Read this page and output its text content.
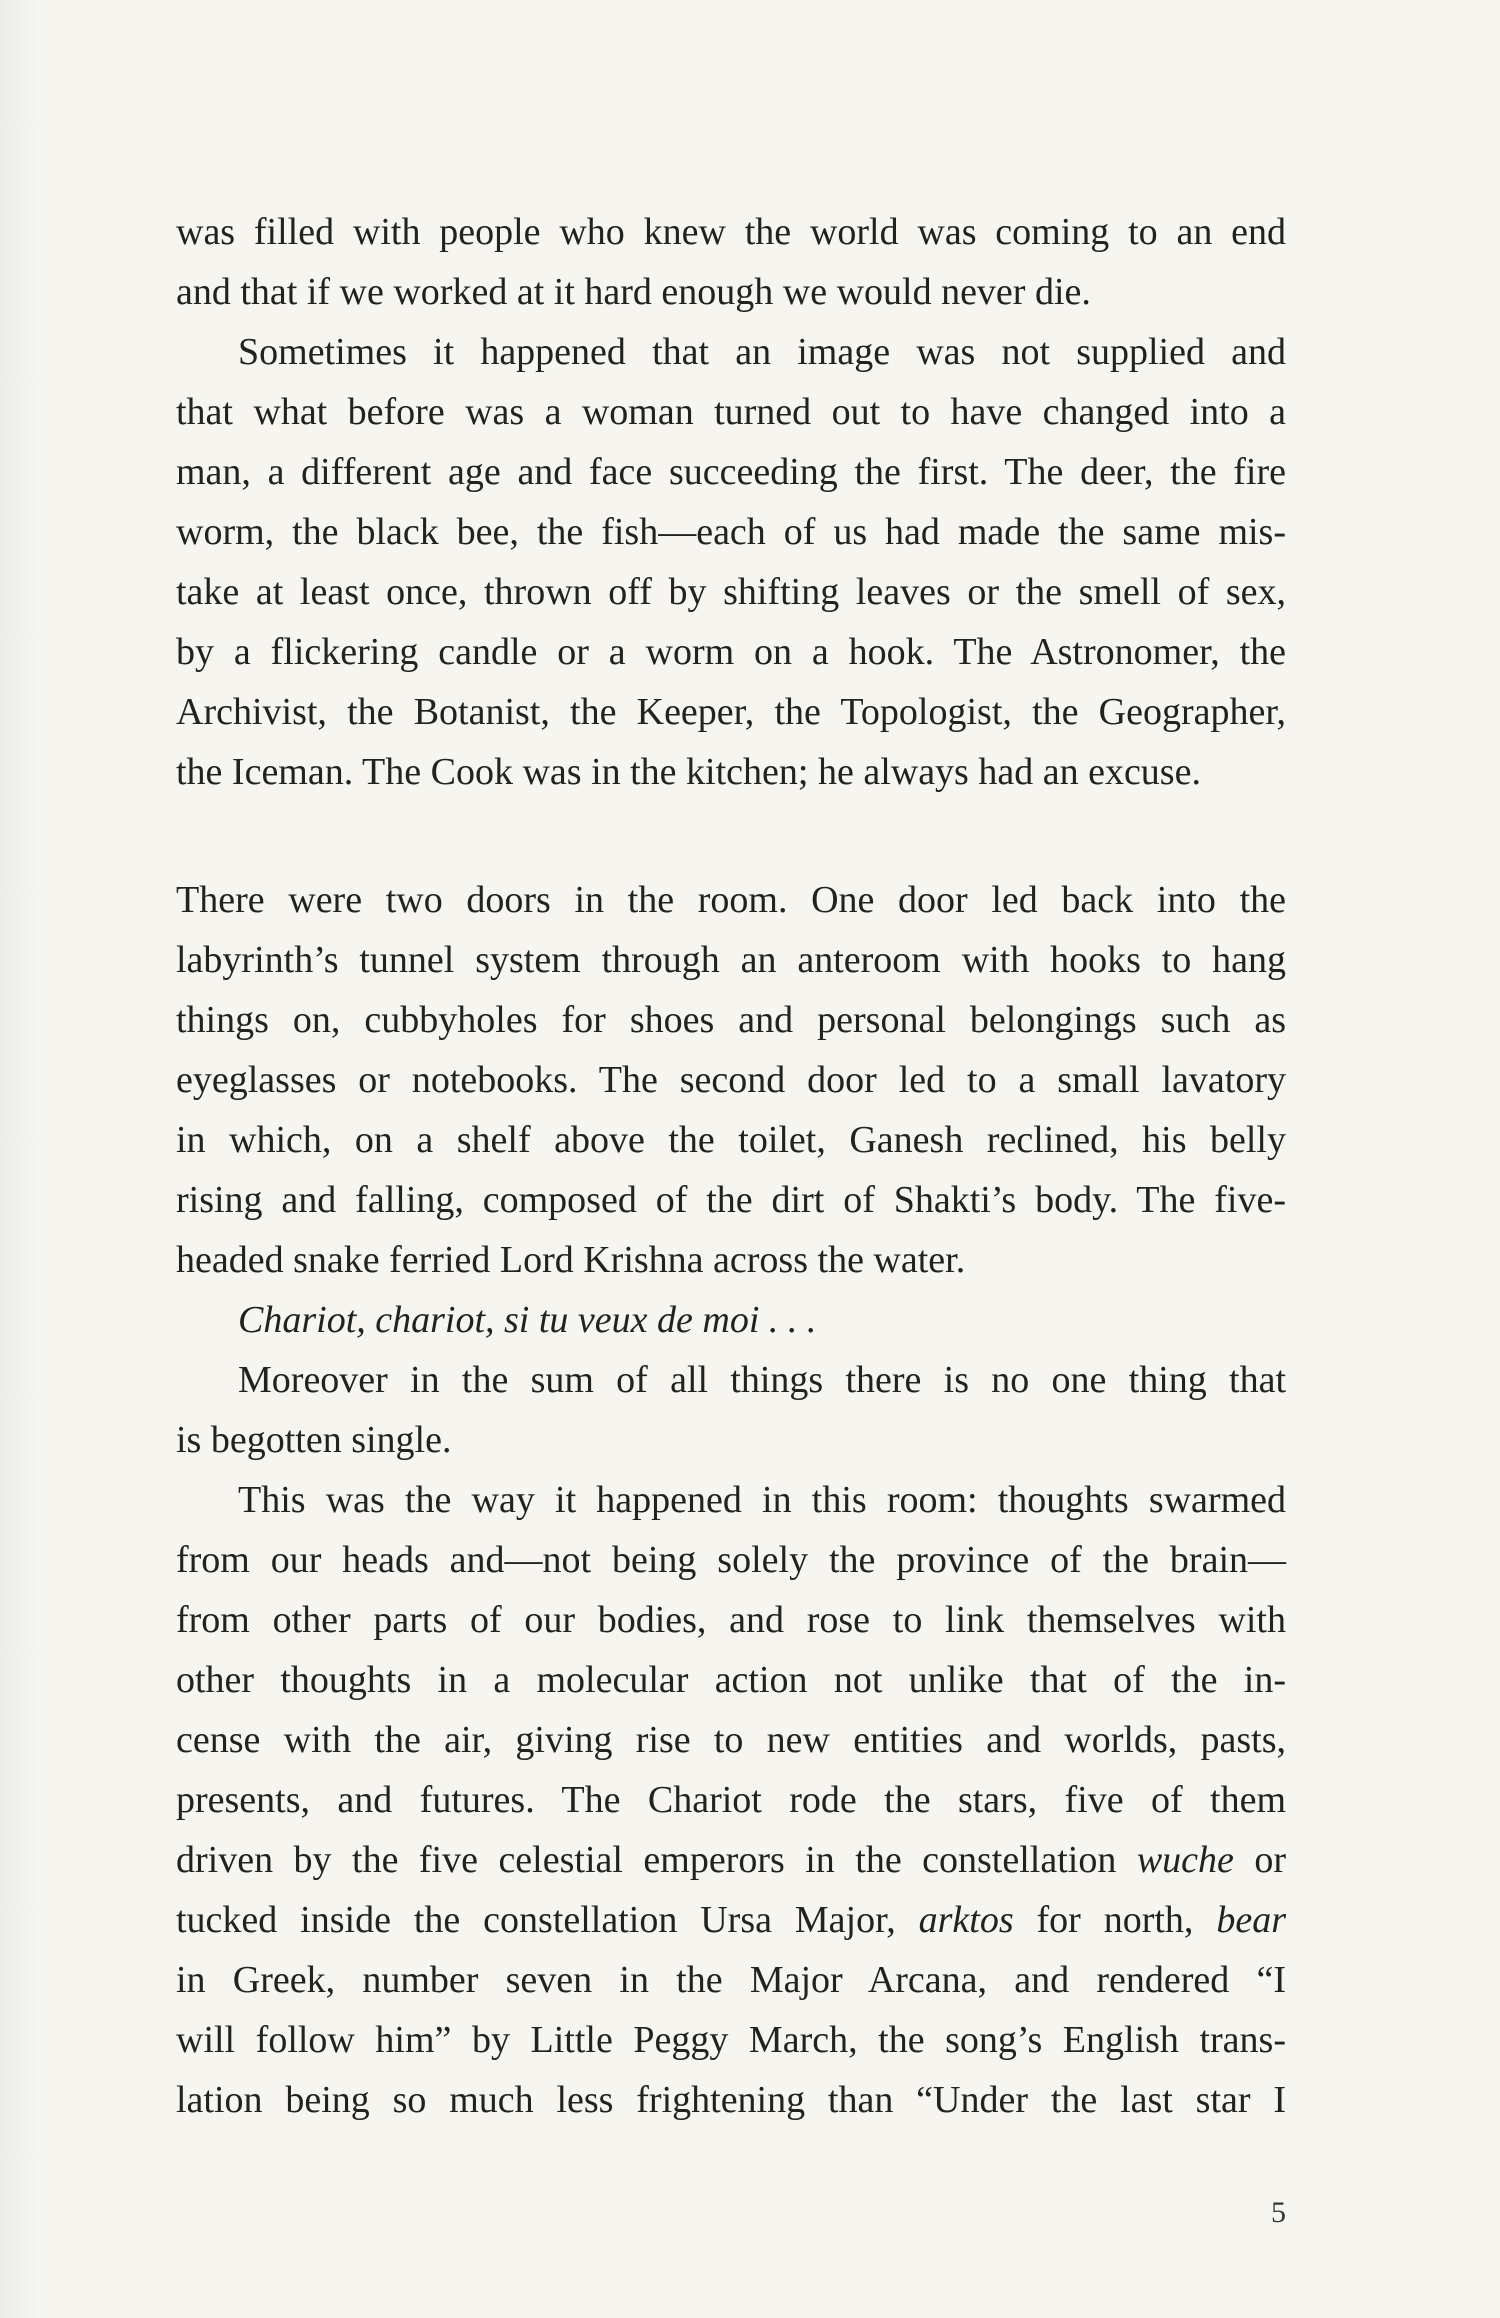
was filled with people who knew the world was coming to an end
and that if we worked at it hard enough we would never die.
Sometimes it happened that an image was not supplied and
that what before was a woman turned out to have changed into a
man, a different age and face succeeding the first. The deer, the fire
worm, the black bee, the fish—each of us had made the same mis-
take at least once, thrown off by shifting leaves or the smell of sex,
by a flickering candle or a worm on a hook. The Astronomer, the
Archivist, the Botanist, the Keeper, the Topologist, the Geographer,
the Iceman. The Cook was in the kitchen; he always had an excuse.
There were two doors in the room. One door led back into the
labyrinth’s tunnel system through an anteroom with hooks to hang
things on, cubbyholes for shoes and personal belongings such as
eyeglasses or notebooks. The second door led to a small lavatory
in which, on a shelf above the toilet, Ganesh reclined, his belly
rising and falling, composed of the dirt of Shakti’s body. The five-
headed snake ferried Lord Krishna across the water.
Chariot, chariot, si tu veux de moi . . .
Moreover in the sum of all things there is no one thing that
is begotten single.
This was the way it happened in this room: thoughts swarmed
from our heads and—not being solely the province of the brain—
from other parts of our bodies, and rose to link themselves with
other thoughts in a molecular action not unlike that of the in-
cense with the air, giving rise to new entities and worlds, pasts,
presents, and futures. The Chariot rode the stars, five of them
driven by the five celestial emperors in the constellation wuche or
tucked inside the constellation Ursa Major, arktos for north, bear
in Greek, number seven in the Major Arcana, and rendered “I
will follow him” by Little Peggy March, the song’s English trans-
lation being so much less frightening than “Under the last star I
5
